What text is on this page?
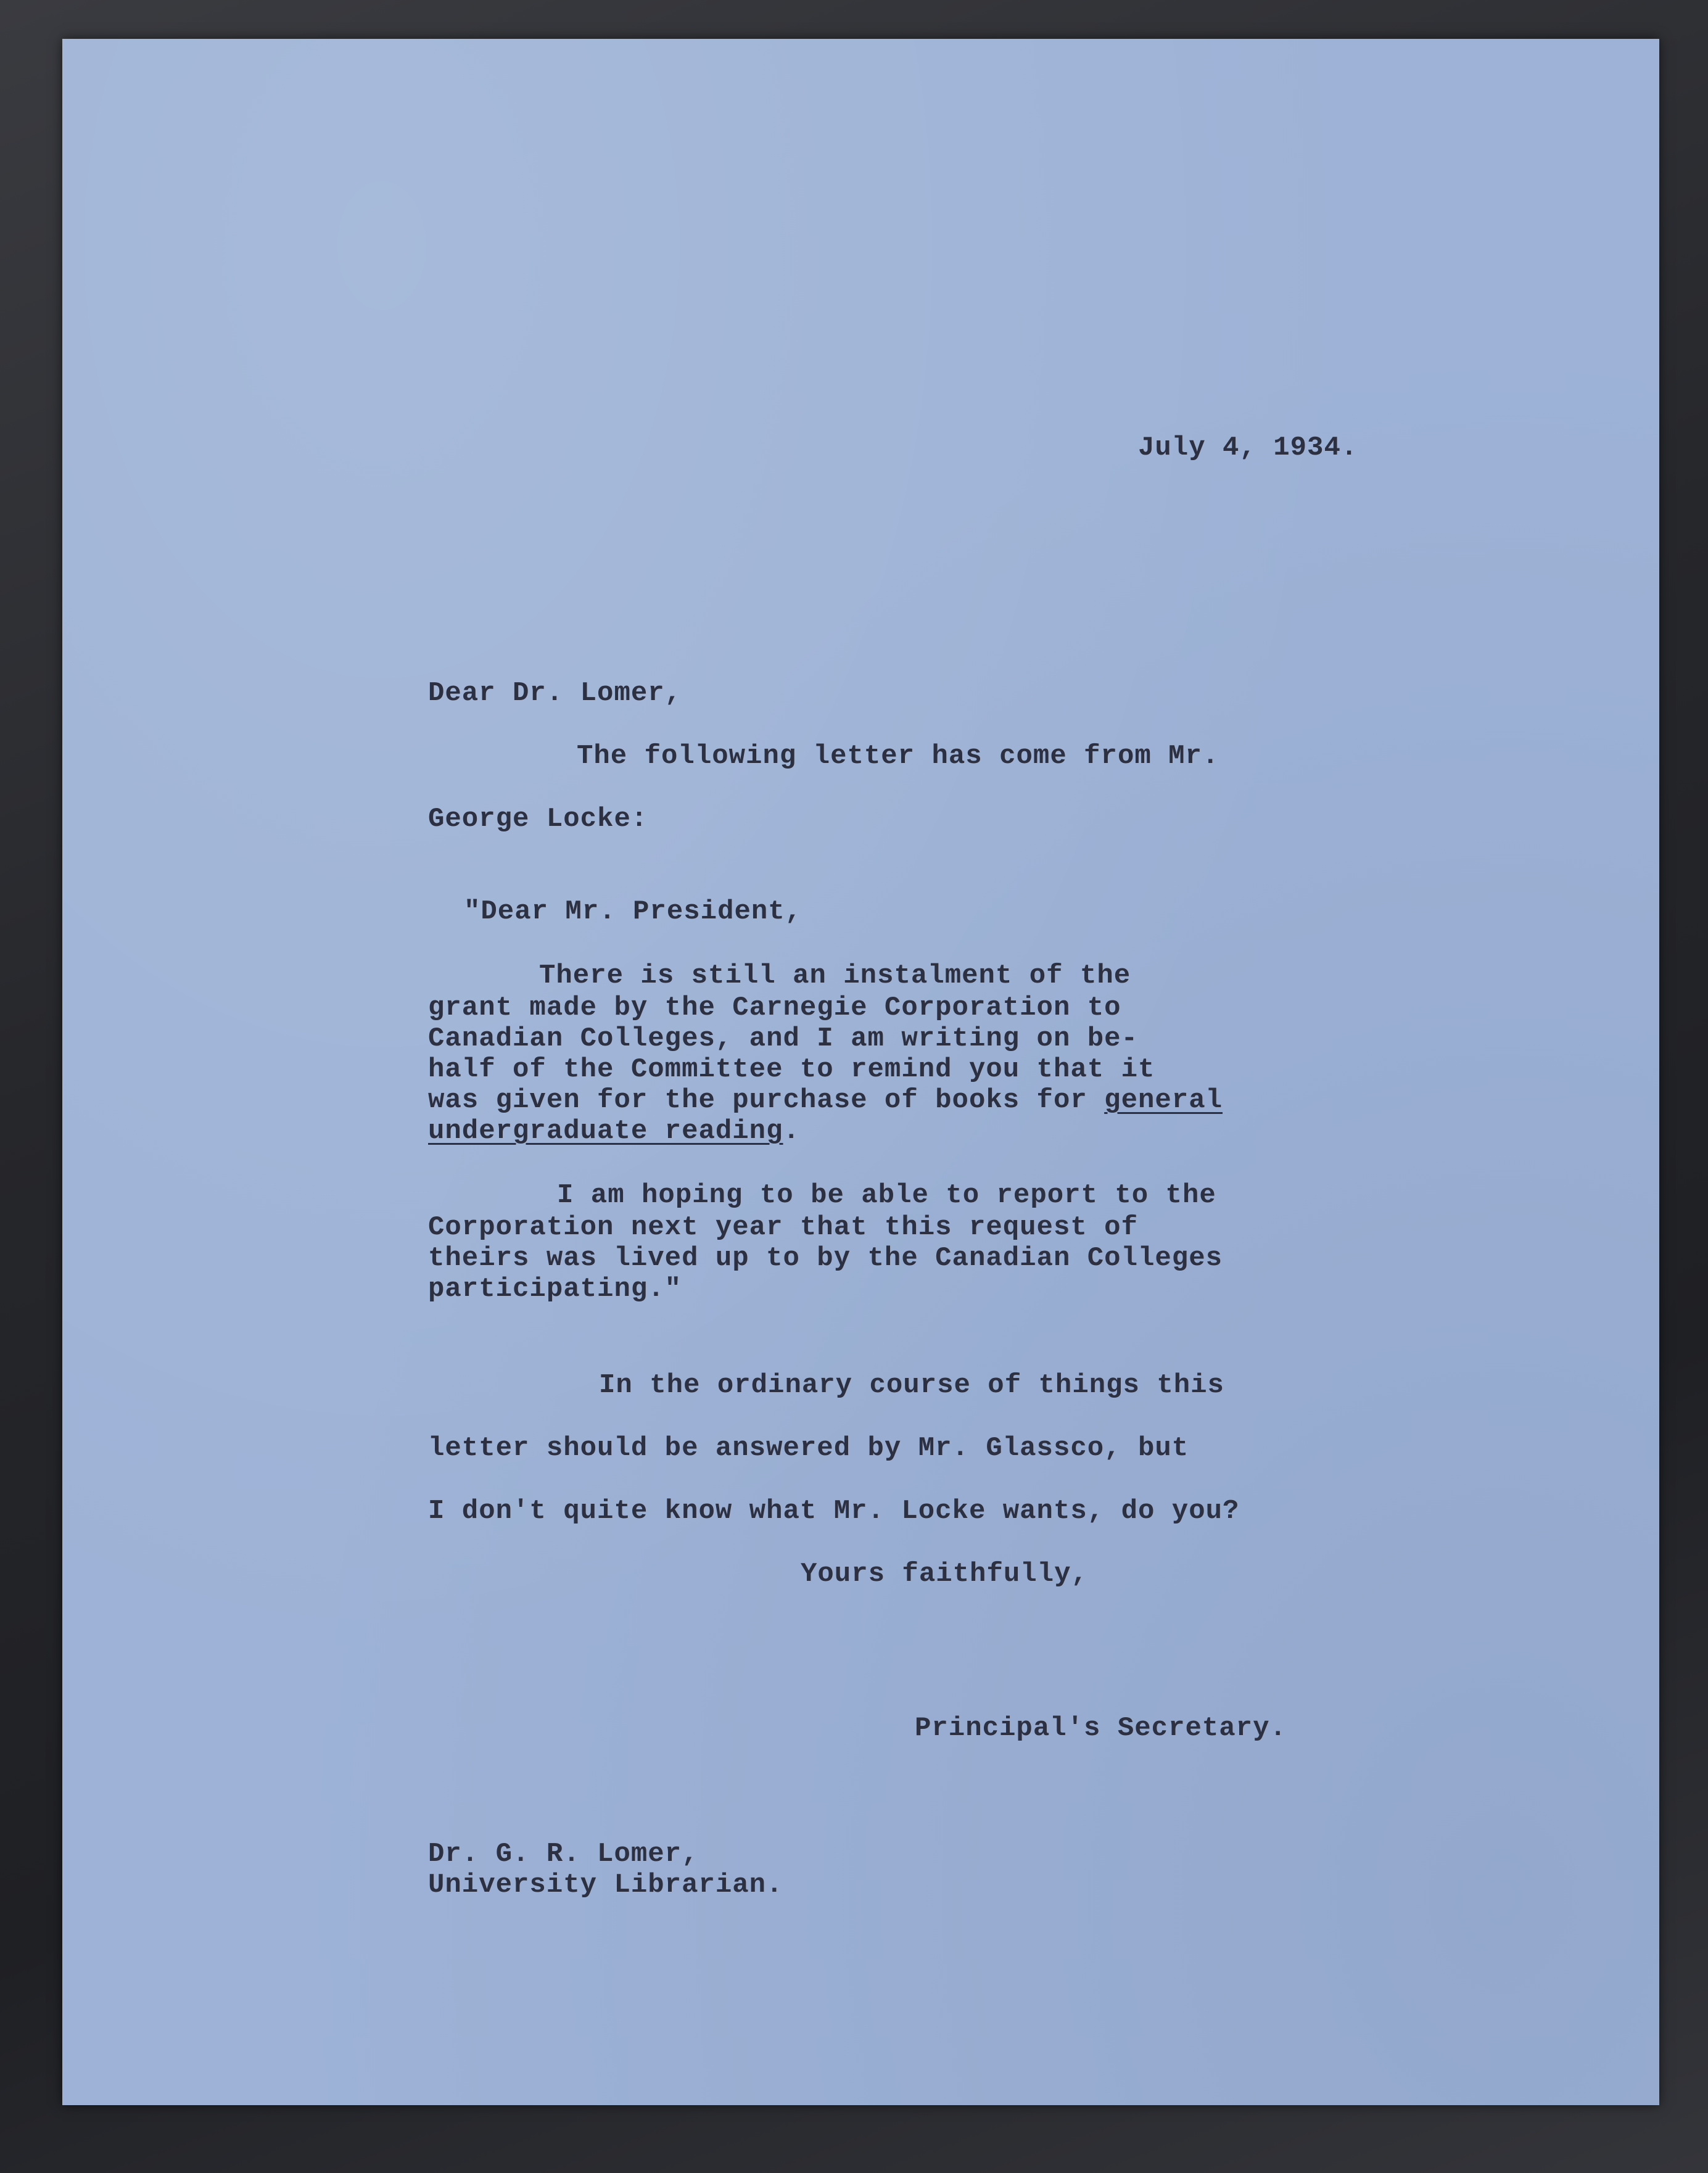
July 4, 1934.
Dear Dr. Lomer,
The following letter has come from Mr.
George Locke:
"Dear Mr. President,
There is still an instalment of the
grant made by the Carnegie Corporation to
Canadian Colleges, and I am writing on be-
half of the Committee to remind you that it
was given for the purchase of books for general
undergraduate reading.
I am hoping to be able to report to the
Corporation next year that this request of
theirs was lived up to by the Canadian Colleges
participating."
In the ordinary course of things this
letter should be answered by Mr. Glassco, but
I don't quite know what Mr. Locke wants, do you?
Yours faithfully,
Principal's Secretary.
Dr. G. R. Lomer,
University Librarian.
